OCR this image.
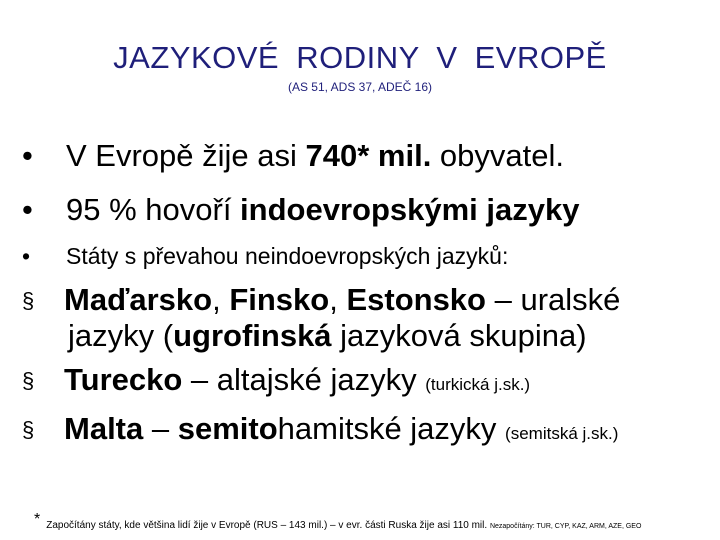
JAZYKOVÉ RODINY V EVROPĚ
(AS 51, ADS 37, ADEČ 16)
• V Evropě žije asi 740* mil. obyvatel.
• 95 % hovoří indoevropskými jazyky
• Státy s převahou neindoevropských jazyků:
§ Maďarsko, Finsko, Estonsko – uralské
jazyky (ugrofinská jazyková skupina)
§ Turecko – altajské jazyky (turkická j.sk.)
§ Malta – semitohamitské jazyky (semitská j.sk.)
* Započítány státy, kde většina lidí žije v Evropě (RUS – 143 mil.) – v evr. části Ruska žije asi 110 mil. Nezapočítány: TUR, CYP, KAZ, ARM, AZE, GEO
